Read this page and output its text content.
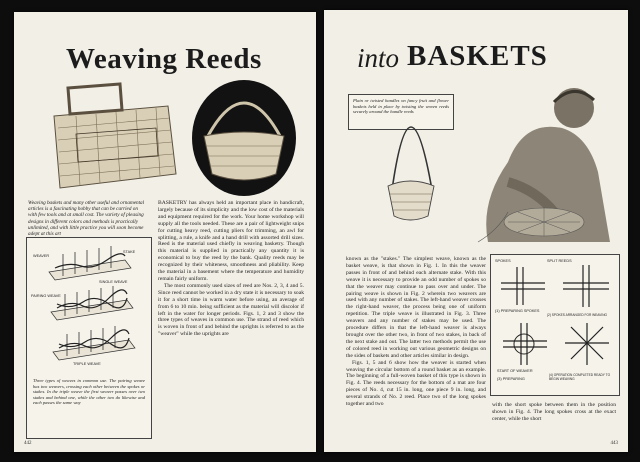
Weaving Reeds
Weaving baskets and many other useful and ornamental articles is a fascinating hobby that can be carried on with few tools and at small cost. The variety of pleasing designs in different colors and methods is practically unlimited, and with little practice you will soon become adept at this art
WEAVER
STAKE
SINGLE WEAVE
PAIRING WEAVE
TRIPLE WEAVE
Three types of weaves in common use. The pairing weave has two weavers, crossing each other between the spokes or stakes. In the triple weave the first weaver passes over two stakes and behind one, while the other two do likewise and each passes the same way

BASKETRY has always held an important place in handicraft, largely because of its simplicity and the low cost of the materials and equipment required for the work. Your home workshop will supply all the tools needed. These are a pair of lightweight snips for cutting heavy reed, cutting pliers for trimming, an awl for splitting, a rule, a knife and a hand drill with assorted drill sizes. Reed is the material used chiefly in weaving basketry. Though this material is supplied in practically any quantity it is economical to buy the reed by the bank. Quality reeds may be recognized by their whiteness, smoothness and pliability. Keep the material in a basement where the temperature and humidity remain fairly uniform.

The most commonly used sizes of reed are Nos. 2, 3, 4 and 5. Since reed cannot be worked in a dry state it is necessary to soak it for a short time in warm water before using, an average of from 6 to 10 min. being sufficient as the material will discolor if left in the water for longer periods. Figs. 1, 2 and 3 show the three types of weaves in common use. The strand of reed which is woven in front of and behind the uprights is referred to as the "weaver" while the uprights are

442
into BASKETS
Plain or twisted handles on fancy fruit and flower baskets held in place by twisting the woven reeds securely around the handle reeds

known as the "stakes." The simplest weave, known as the basket weave, is that shown in Fig. 1. In this the weaver passes in front of and behind each alternate stake. With this weave it is necessary to provide an odd number of spokes so that the weaver may continue to pass over and under. The pairing weave is shown in Fig. 2 wherein two weavers are used with any number of stakes. The left-hand weaver crosses the right-hand weaver, the process being one of uniform repetition. The triple weave is illustrated in Fig. 3. Three weavers and any number of stakes may be used. The procedure differs in that the left-hand weaver is always brought over the other two, in front of two stakes, in back of the next stake and out. The latter two methods permit the use of colored reed in working out various geometric designs on the sides of baskets and other articles similar in design.

Figs. 1, 5 and 6 show how the weaver is started when weaving the circular bottom of a round basket as an example. The beginning of a full-woven basket of this type is shown in Fig. 4. The reeds necessary for the bottom of a mat are four pieces of No. 4, cut 15 in. long, one piece 9 in. long, and several strands of No. 2 reed. Place two of the long spokes together and two

SPOKES	SPLIT REEDS
(1) PREPARING SPOKES
(2) SPOKES ARRANGED FOR WEAVING
START OF WEAVER
(3) PREPARING
(4) OPERATION COMPLETED READY TO BEGIN WEAVING
with the short spoke between them in the position shown in Fig. 4. The long spokes cross at the exact center, while the short
443
